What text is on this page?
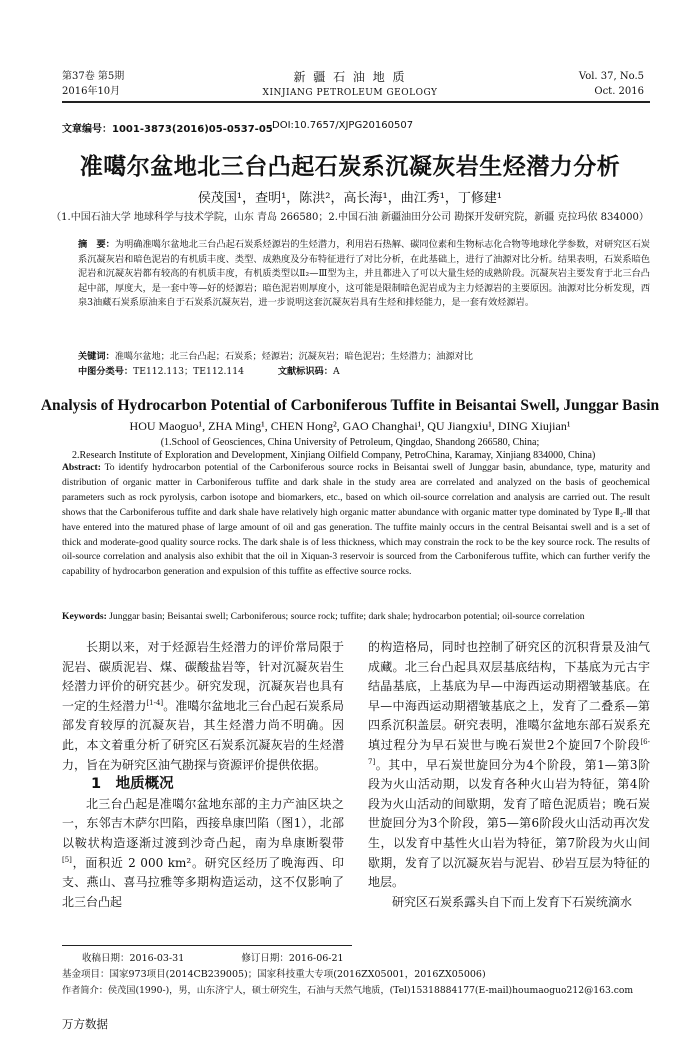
第37卷 第5期
2016年10月
新 疆 石 油 地 质
XINJIANG PETROLEUM GEOLOGY
Vol. 37, No.5
Oct. 2016
文章编号：1001-3873(2016)05-0537-05 DOI:10.7657/XJPG20160507
准噶尔盆地北三台凸起石炭系沉凝灰岩生烃潜力分析
侯茂国¹，查明¹，陈洪²，高长海¹，曲江秀¹，丁修建¹
（1.中国石油大学 地球科学与技术学院，山东 青岛 266580；2.中国石油 新疆油田分公司 勘探开发研究院，新疆 克拉玛依 834000）
摘　要：为明确准噶尔盆地北三台凸起石炭系烃源岩的生烃潜力，利用岩石热解、碳同位素和生物标志化合物等地球化学参数，对研究区石炭系沉凝灰岩和暗色泥岩的有机质丰度、类型、成熟度及分布特征进行了对比分析，在此基础上，进行了油源对比分析。结果表明，石炭系暗色泥岩和沉凝灰岩都有较高的有机质丰度，有机质类型以Ⅱ₂—Ⅲ型为主，并且都进入了可以大量生烃的成熟阶段。沉凝灰岩主要发育于北三台凸起中部，厚度大，是一套中等—好的烃源岩；暗色泥岩则厚度小，这可能是限制暗色泥岩成为主力烃源岩的主要原因。油源对比分析发现，西泉3油藏石炭系原油来自于石炭系沉凝灰岩，进一步说明这套沉凝灰岩具有生烃和排烃能力，是一套有效烃源岩。
关键词：准噶尔盆地；北三台凸起；石炭系；烃源岩；沉凝灰岩；暗色泥岩；生烃潜力；油源对比
中图分类号：TE112.113；TE112.114	文献标识码：A
Analysis of Hydrocarbon Potential of Carboniferous Tuffite in Beisantai Swell, Junggar Basin
HOU Maoguo¹, ZHA Ming¹, CHEN Hong², GAO Changhai¹, QU Jiangxiu¹, DING Xiujian¹
(1.School of Geosciences, China University of Petroleum, Qingdao, Shandong 266580, China;
2.Research Institute of Exploration and Development, Xinjiang Oilfield Company, PetroChina, Karamay, Xinjiang 834000, China)
Abstract: To identify hydrocarbon potential of the Carboniferous source rocks in Beisantai swell of Junggar basin, abundance, type, maturity and distribution of organic matter in Carboniferous tuffite and dark shale in the study area are correlated and analyzed on the basis of geochemical parameters such as rock pyrolysis, carbon isotope and biomarkers, etc., based on which oil-source correlation and analysis are carried out. The result shows that the Carboniferous tuffite and dark shale have relatively high organic matter abundance with organic matter type dominated by Type Ⅱ₂-Ⅲ that have entered into the matured phase of large amount of oil and gas generation. The tuffite mainly occurs in the central Beisantai swell and is a set of thick and moderate-good quality source rocks. The dark shale is of less thickness, which may constrain the rock to be the key source rock. The results of oil-source correlation and analysis also exhibit that the oil in Xiquan-3 reservoir is sourced from the Carboniferous tuffite, which can further verify the capability of hydrocarbon generation and expulsion of this tuffite as effective source rocks.
Keywords: Junggar basin; Beisantai swell; Carboniferous; source rock; tuffite; dark shale; hydrocarbon potential; oil-source correlation

长期以来，对于烃源岩生烃潜力的评价常局限于泥岩、碳质泥岩、煤、碳酸盐岩等，针对沉凝灰岩生烃潜力评价的研究甚少。研究发现，沉凝灰岩也具有一定的生烃潜力[1-4]。准噶尔盆地北三台凸起石炭系局部发育较厚的沉凝灰岩，其生烃潜力尚不明确。因此，本文着重分析了研究区石炭系沉凝灰岩的生烃潜力，旨在为研究区油气勘探与资源评价提供依据。

1　地质概况

北三台凸起是准噶尔盆地东部的主力产油区块之一，东邻吉木萨尔凹陷，西接阜康凹陷（图1），北部以鞍状构造逐渐过渡到沙奇凸起，南为阜康断裂带[5]，面积近 2 000 km²。研究区经历了晚海西、印支、燕山、喜马拉雅等多期构造运动，这不仅影响了北三台凸起

的构造格局，同时也控制了研究区的沉积背景及油气成藏。北三台凸起具双层基底结构，下基底为元古宇结晶基底，上基底为早—中海西运动期褶皱基底。在早—中海西运动期褶皱基底之上，发育了二叠系—第四系沉积盖层。研究表明，准噶尔盆地东部石炭系充填过程分为早石炭世与晚石炭世2个旋回7个阶段[6-7]。其中，早石炭世旋回分为4个阶段，第1—第3阶段为火山活动期，以发育各种火山岩为特征，第4阶段为火山活动的间歇期，发育了暗色泥质岩；晚石炭世旋回分为3个阶段，第5—第6阶段火山活动再次发生，以发育中基性火山岩为特征，第7阶段为火山间歇期，发育了以沉凝灰岩与泥岩、砂岩互层为特征的地层。

研究区石炭系露头自下而上发育下石炭统滴水

收稿日期：2016-03-31	修订日期：2016-06-21
基金项目：国家973项目(2014CB239005)；国家科技重大专项(2016ZX05001，2016ZX05006)
作者简介：侯茂国(1990-)，男，山东济宁人，硕士研究生，石油与天然气地质，(Tel)15318884177(E-mail)houmaoguo212@163.com
万方数据
